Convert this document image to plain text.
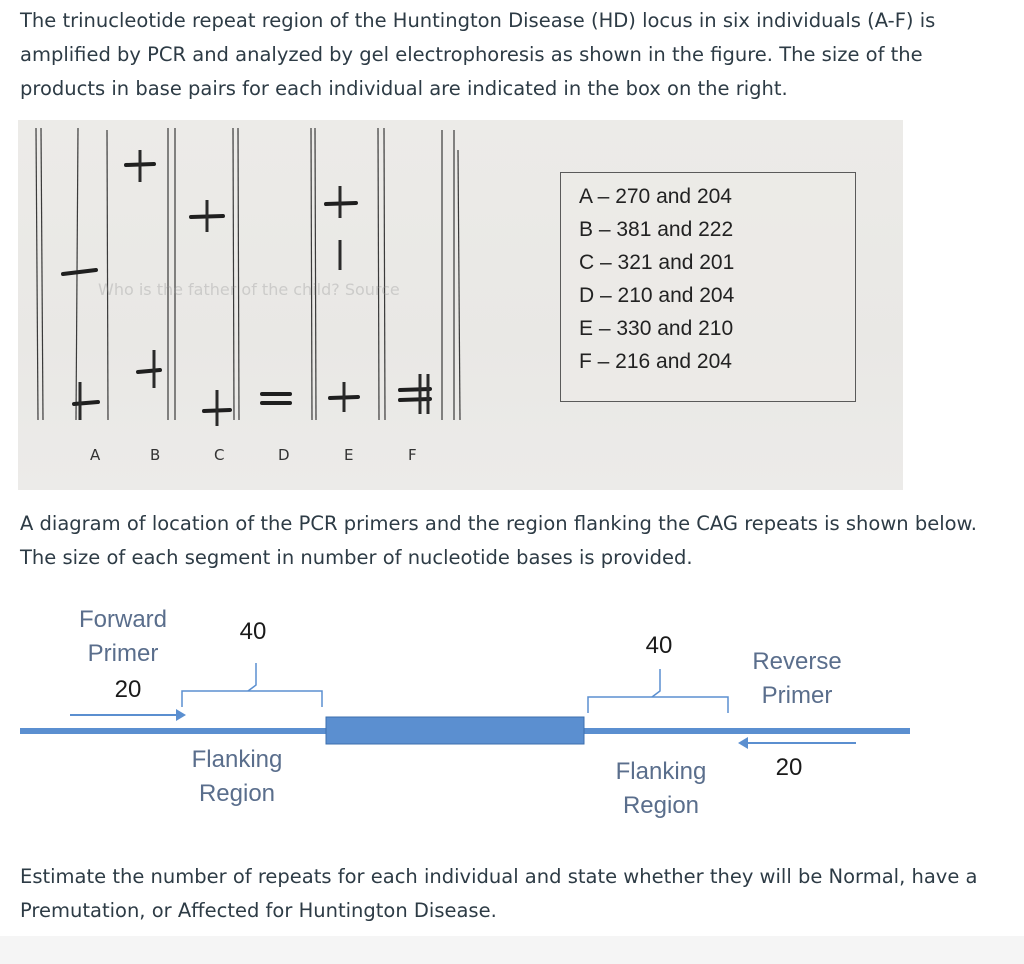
The trinucleotide repeat region of the Huntington Disease (HD) locus in six individuals (A-F) is amplified by PCR and analyzed by gel electrophoresis as shown in the figure. The size of the products in base pairs for each individual are indicated in the box on the right.

Who is the father of the child? Source
A	B	C	D	E	F
A – 270 and 204
B – 381 and 222
C – 321 and 201
D – 210 and 204
E – 330 and 210
F – 216 and 204

A diagram of location of the PCR primers and the region flanking the CAG repeats is shown below. The size of each segment in number of nucleotide bases is provided.

Forward
Primer
20
40
Flanking
Region
40
Flanking
Region
Reverse
Primer
20

Estimate the number of repeats for each individual and state whether they will be Normal, have a Premutation, or Affected for Huntington Disease.
